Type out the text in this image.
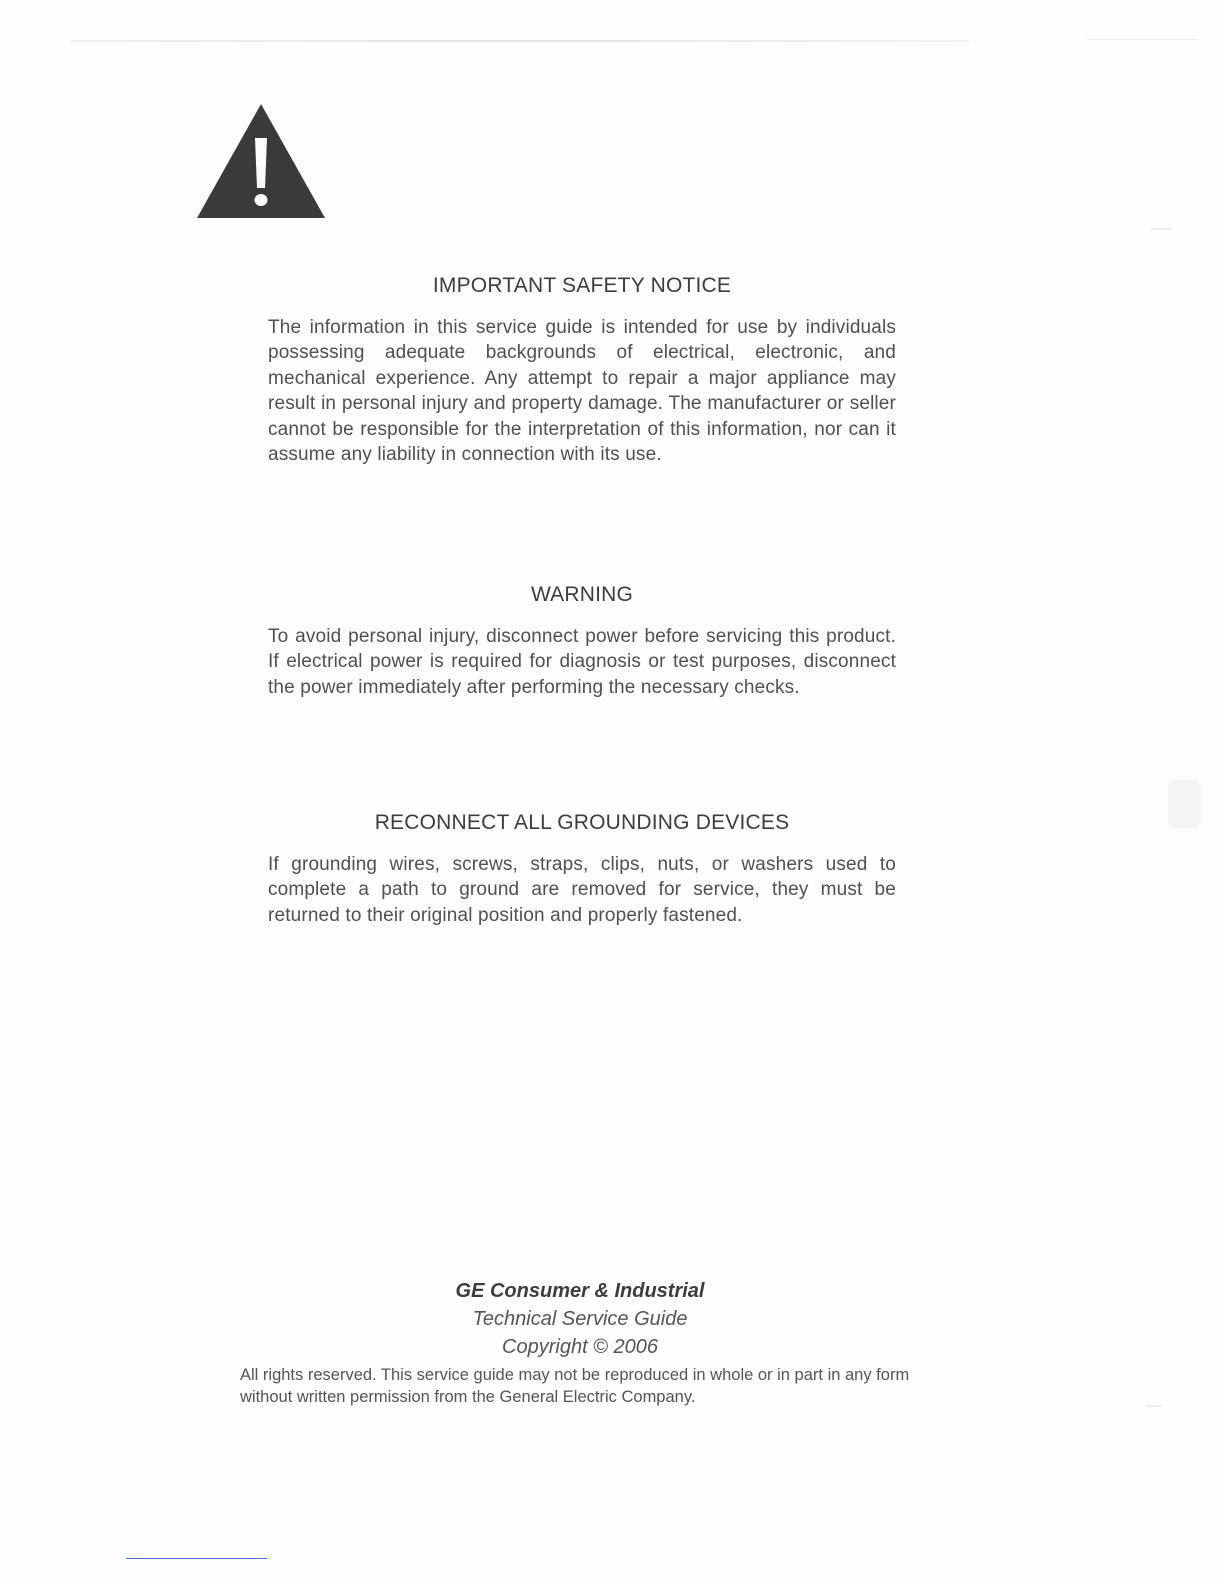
IMPORTANT SAFETY NOTICE

The information in this service guide is intended for use by individuals possessing adequate backgrounds of electrical, electronic, and mechanical experience. Any attempt to repair a major appliance may result in personal injury and property damage. The manufacturer or seller cannot be responsible for the interpretation of this information, nor can it assume any liability in connection with its use.

WARNING

To avoid personal injury, disconnect power before servicing this product. If electrical power is required for diagnosis or test purposes, disconnect the power immediately after performing the necessary checks.

RECONNECT ALL GROUNDING DEVICES

If grounding wires, screws, straps, clips, nuts, or washers used to complete a path to ground are removed for service, they must be returned to their original position and properly fastened.

GE Consumer & Industrial
Technical Service Guide
Copyright © 2006
All rights reserved. This service guide may not be reproduced in whole or in part in any form without written permission from the General Electric Company.
